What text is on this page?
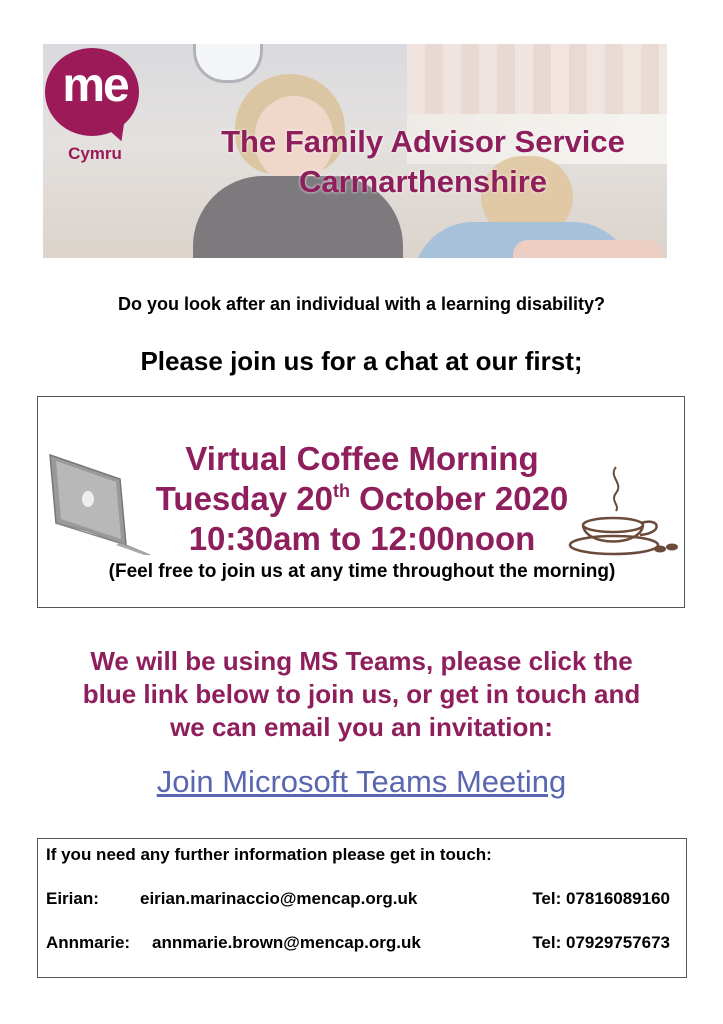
me
Cymru	The Family Advisor Service
Carmarthenshire
Do you look after an individual with a learning disability?
Please join us for a chat at our first;
Virtual Coffee Morning
Tuesday 20th October 2020
10:30am to 12:00noon
(Feel free to join us at any time throughout the morning)
We will be using MS Teams, please click the
blue link below to join us, or get in touch and
we can email you an invitation:
Join Microsoft Teams Meeting
If you need any further information please get in touch:
Eirian: eirian.marinaccio@mencap.org.uk	Tel: 07816089160
Annmarie: annmarie.brown@mencap.org.uk	Tel: 07929757673
